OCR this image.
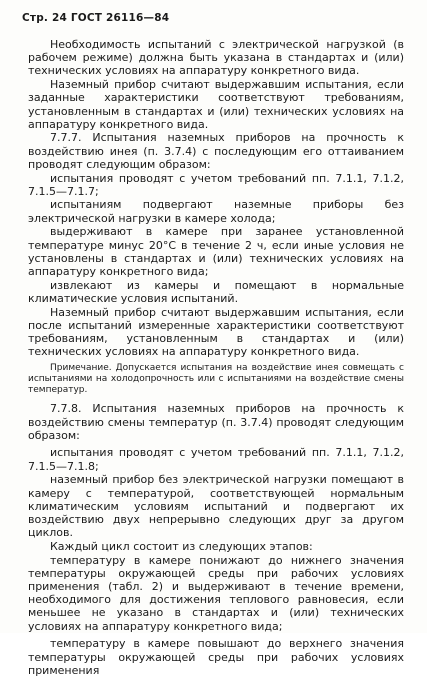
Стр. 24 ГОСТ 26116—84

Необходимость испытаний с электрической нагрузкой (в рабочем режиме) должна быть указана в стандартах и (или) технических условиях на аппаратуру конкретного вида.

Наземный прибор считают выдержавшим испытания, если заданные характеристики соответствуют требованиям, установленным в стандартах и (или) технических условиях на аппаратуру конкретного вида.

7.7.7. Испытания наземных приборов на прочность к воздействию инея (п. 3.7.4) с последующим его оттаиванием проводят следующим образом:

испытания проводят с учетом требований пп. 7.1.1, 7.1.2, 7.1.5—7.1.7;

испытаниям подвергают наземные приборы без электрической нагрузки в камере холода;

выдерживают в камере при заранее установленной температуре минус 20°С в течение 2 ч, если иные условия не установлены в стандартах и (или) технических условиях на аппаратуру конкретного вида;

извлекают из камеры и помещают в нормальные климатические условия испытаний.

Наземный прибор считают выдержавшим испытания, если после испытаний измеренные характеристики соответствуют требованиям, установленным в стандартах и (или) технических условиях на аппаратуру конкретного вида.

Примечание. Допускается испытания на воздействие инея совмещать с испытаниями на холодопрочность или с испытаниями на воздействие смены температур.

7.7.8. Испытания наземных приборов на прочность к воздействию смены температур (п. 3.7.4) проводят следующим образом:

испытания проводят с учетом требований пп. 7.1.1, 7.1.2, 7.1.5—7.1.8;

наземный прибор без электрической нагрузки помещают в камеру с температурой, соответствующей нормальным климатическим условиям испытаний и подвергают их воздействию двух непрерывно следующих друг за другом циклов.

Каждый цикл состоит из следующих этапов:

температуру в камере понижают до нижнего значения температуры окружающей среды при рабочих условиях применения (табл. 2) и выдерживают в течение времени, необходимого для достижения теплового равновесия, если меньшее не указано в стандартах и (или) технических условиях на аппаратуру конкретного вида;

температуру в камере повышают до верхнего значения температуры окружающей среды при рабочих условиях применения
